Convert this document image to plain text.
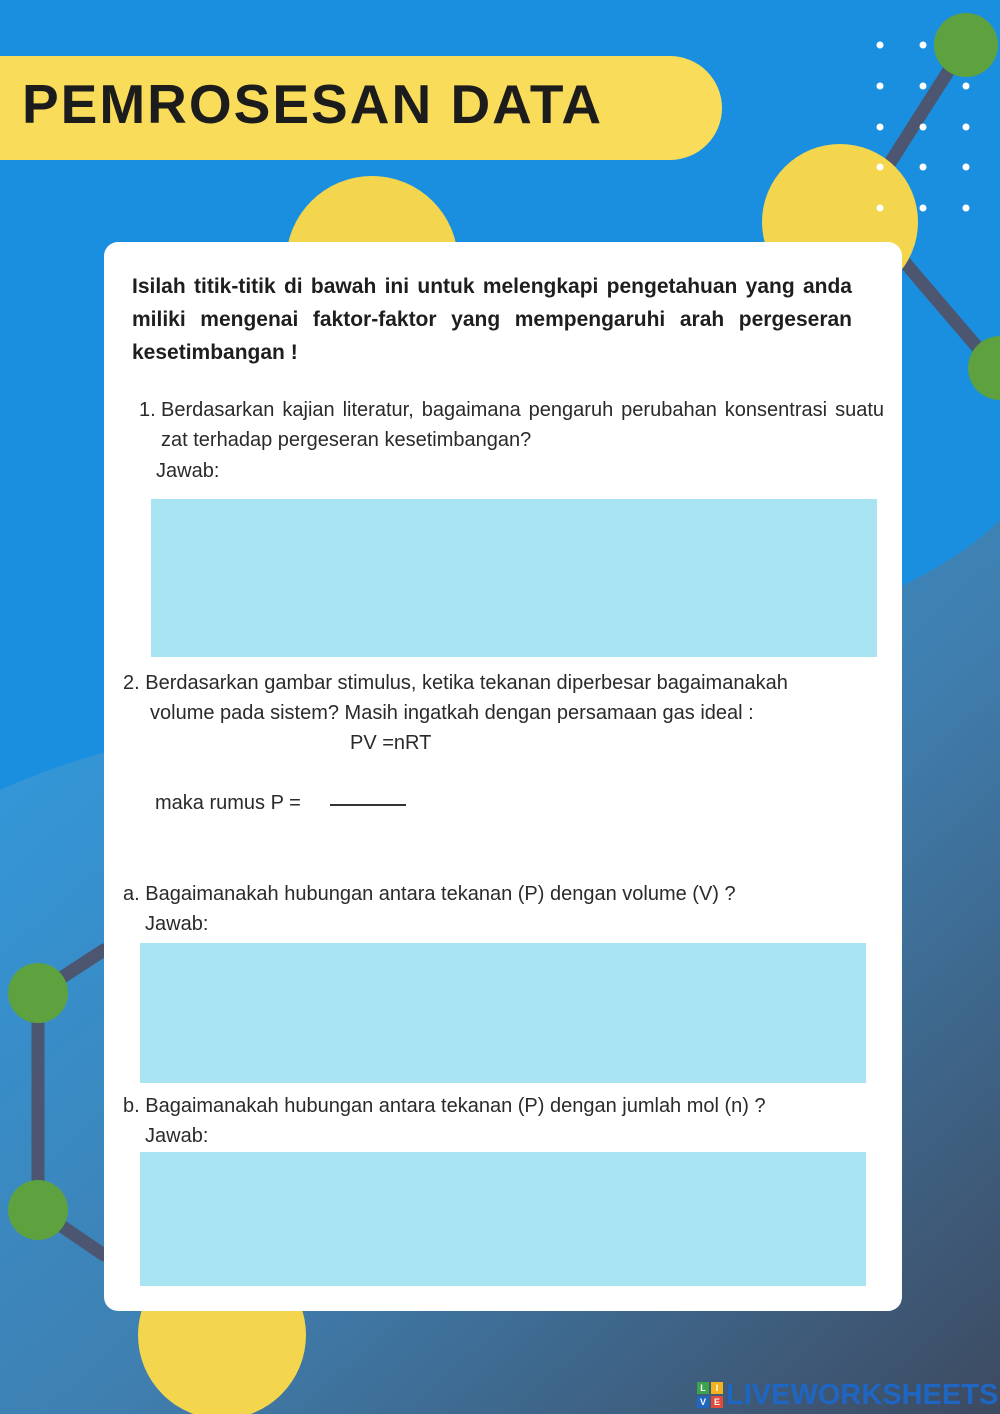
PEMROSESAN DATA
Isilah titik-titik di bawah ini untuk melengkapi pengetahuan yang anda miliki mengenai faktor-faktor yang mempengaruhi arah pergeseran kesetimbangan !
1. Berdasarkan kajian literatur, bagaimana pengaruh perubahan konsentrasi suatu zat terhadap pergeseran kesetimbangan?
Jawab:
2. Berdasarkan gambar stimulus, ketika tekanan diperbesar bagaimanakah
volume pada sistem? Masih ingatkah dengan persamaan gas ideal :
PV =nRT
maka rumus P =
a. Bagaimanakah hubungan antara tekanan (P) dengan volume (V) ?
Jawab:
b. Bagaimanakah hubungan antara tekanan (P) dengan jumlah mol (n) ?
Jawab:
L	I
V E LIVEWORKSHEETS
